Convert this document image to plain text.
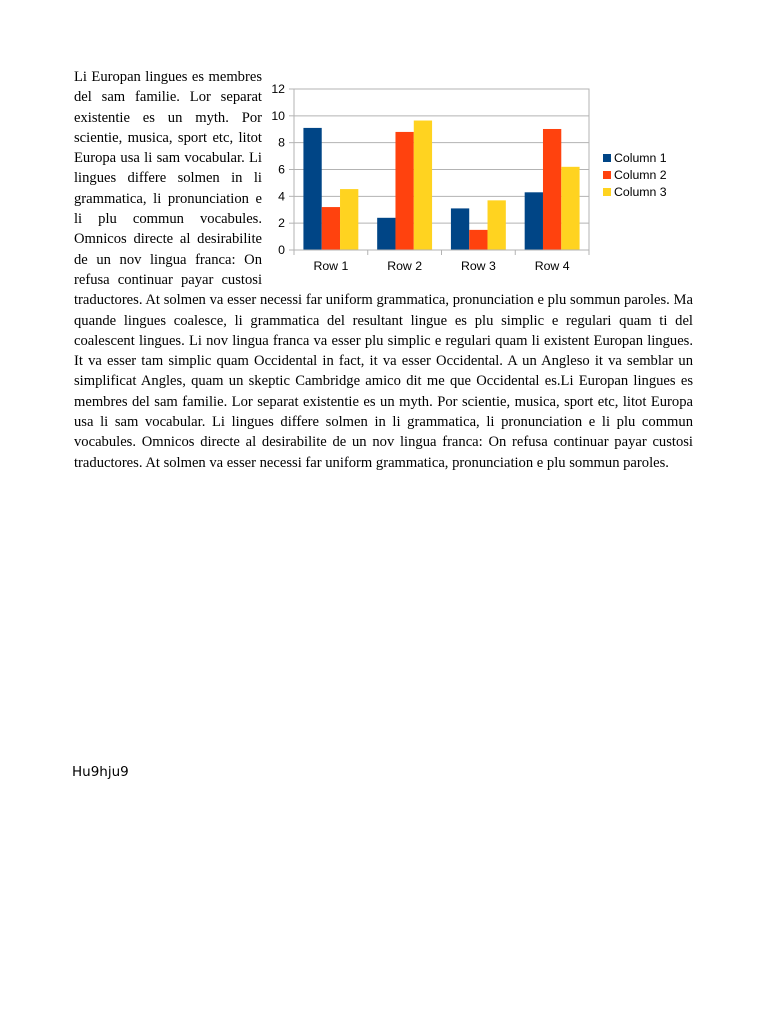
0
2
4
6
8
10
12
Row 1	Row 2	Row 3	Row 4
Column 1
Column 2
Column 3
Li Europan lingues es membres del sam familie. Lor separat existentie es un myth. Por scientie, musica, sport etc, litot Europa usa li sam vocabular. Li lingues differe solmen in li grammatica, li pronunciation e li plu commun vocabules. Omnicos directe al desirabilite de un nov lingua franca: On refusa continuar payar custosi traductores. At solmen va esser necessi far uniform grammatica, pronunciation e plu sommun paroles. Ma quande lingues coalesce, li grammatica del resultant lingue es plu simplic e regulari quam ti del coalescent lingues. Li nov lingua franca va esser plu simplic e regulari quam li existent Europan lingues. It va esser tam simplic quam Occidental in fact, it va esser Occidental. A un Angleso it va semblar un simplificat Angles, quam un skeptic Cambridge amico dit me que Occidental es.Li Europan lingues es membres del sam familie. Lor separat existentie es un myth. Por scientie, musica, sport etc, litot Europa usa li sam vocabular. Li lingues differe solmen in li grammatica, li pronunciation e li plu commun vocabules. Omnicos directe al desirabilite de un nov lingua franca: On refusa continuar payar custosi traductores. At solmen va esser necessi far uniform grammatica, pronunciation e plu sommun paroles.

Hu9hju9
